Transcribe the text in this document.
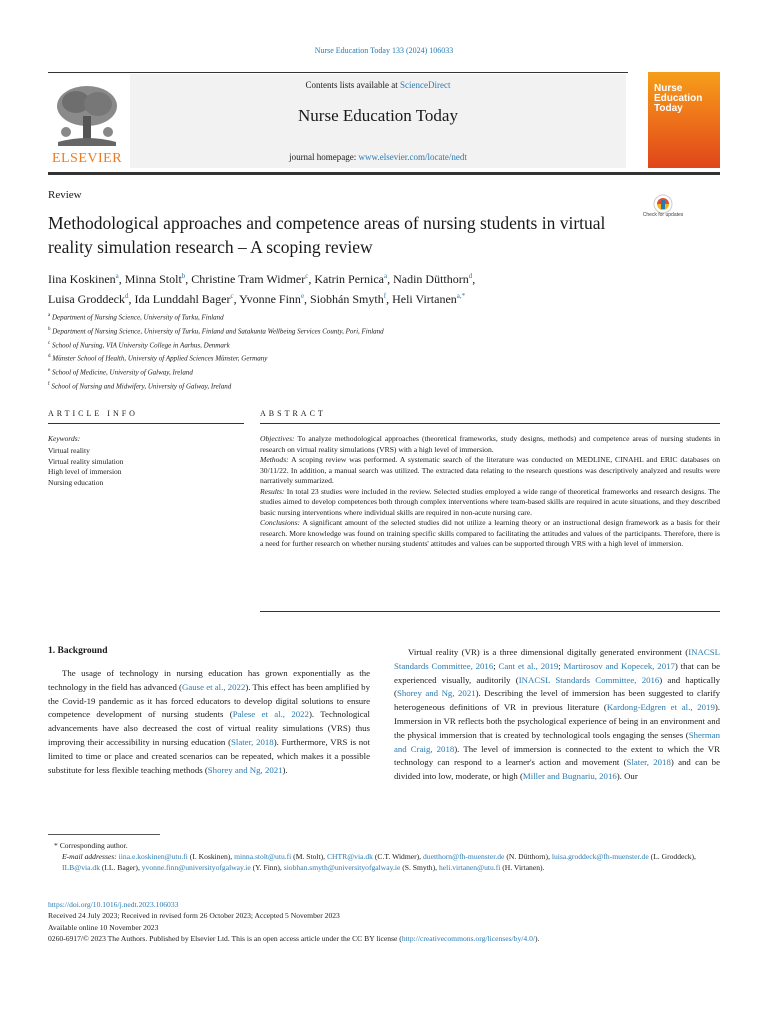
Nurse Education Today 133 (2024) 106033
Contents lists available at ScienceDirect
Nurse Education Today
journal homepage: www.elsevier.com/locate/nedt
ELSEVIER
Nurse Education Today
Check for updates
Review
Methodological approaches and competence areas of nursing students in virtual reality simulation research – A scoping review
Iina Koskinen$^a$, Minna Stolt$^b$, Christine Tram Widmer$^c$, Katrin Pernica$^a$, Nadin Dütthorn$^d$,
Luisa Groddeck$^d$, Ida Lunddahl Bager$^c$, Yvonne Finn$^e$, Siobhán Smyth$^f$, Heli Virtanen$^{a,*}$
$^a$ Department of Nursing Science, University of Turku, Finland
$^b$ Department of Nursing Science, University of Turku, Finland and Satakunta Wellbeing Services County, Pori, Finland
$^c$ School of Nursing, VIA University College in Aarhus, Denmark
$^d$ Münster School of Health, University of Applied Sciences Münster, Germany
$^e$ School of Medicine, University of Galway, Ireland
$^f$ School of Nursing and Midwifery, University of Galway, Ireland
ARTICLE INFO	ABSTRACT
Keywords:
Virtual reality
Virtual reality simulation
High level of immersion
Nursing education
Objectives: To analyze methodological approaches (theoretical frameworks, study designs, methods) and competence areas of nursing students in research on virtual reality simulations (VRS) with a high level of immersion.
Methods: A scoping review was performed. A systematic search of the literature was conducted on MEDLINE, CINAHL and ERIC databases on 30/11/22. In addition, a manual search was utilized. The extracted data relating to the research questions was descriptively analyzed and results were narratively summarized.
Results: In total 23 studies were included in the review. Selected studies employed a wide range of theoretical frameworks and research designs. The studies aimed to develop competences both through complex interventions where team-based skills are required in acute situations, and they described basic nursing interventions where individual skills are required in non-acute nursing care.
Conclusions: A significant amount of the selected studies did not utilize a learning theory or an instructional design framework as a basis for their research. More knowledge was found on training specific skills compared to facilitating the attitudes and values of the participants. Therefore, there is a need for further research on whether nursing students' attitudes and values can be supported through VRS with a high level of immersion.
1. Background
The usage of technology in nursing education has grown exponentially as the technology in the field has advanced (Gause et al., 2022). This effect has been amplified by the Covid-19 pandemic as it has forced educators to develop digital solutions to ensure competence development of nursing students (Palese et al., 2022). Technological advancements have also decreased the cost of virtual reality simulations (VRS) thus improving their accessibility in nursing education (Slater, 2018). Furthermore, VRS is not limited to time or place and created scenarios can be repeated, which makes it a possible substitute for less flexible teaching methods (Shorey and Ng, 2021).
Virtual reality (VR) is a three dimensional digitally generated environment (INACSL Standards Committee, 2016; Cant et al., 2019; Martirosov and Kopecek, 2017) that can be experienced visually, auditorily (INACSL Standards Committee, 2016) and haptically (Shorey and Ng, 2021). Describing the level of immersion has been suggested to clarify heterogeneous definitions of VR in previous literature (Kardong-Edgren et al., 2019). Immersion in VR reflects both the psychological experience of being in an environment and the physical immersion that is created by technological tools engaging the senses (Sherman and Craig, 2018). The level of immersion is connected to the extent to which the VR technology can respond to a learner's action and movement (Slater, 2018) and can be divided into low, moderate, or high (Miller and Bugnariu, 2016). Our
* Corresponding author.
E-mail addresses: iina.e.koskinen@utu.fi (I. Koskinen), minna.stolt@utu.fi (M. Stolt), CHTR@via.dk (C.T. Widmer), duetthorn@fh-muenster.de (N. Dütthorn), luisa.groddeck@fh-muenster.de (L. Groddeck), ILB@via.dk (I.L. Bager), yvonne.finn@universityofgalway.ie (Y. Finn), siobhan.smyth@universityofgalway.ie (S. Smyth), heli.virtanen@utu.fi (H. Virtanen).
https://doi.org/10.1016/j.nedt.2023.106033
Received 24 July 2023; Received in revised form 26 October 2023; Accepted 5 November 2023
Available online 10 November 2023
0260-6917/© 2023 The Authors. Published by Elsevier Ltd. This is an open access article under the CC BY license (http://creativecommons.org/licenses/by/4.0/).
